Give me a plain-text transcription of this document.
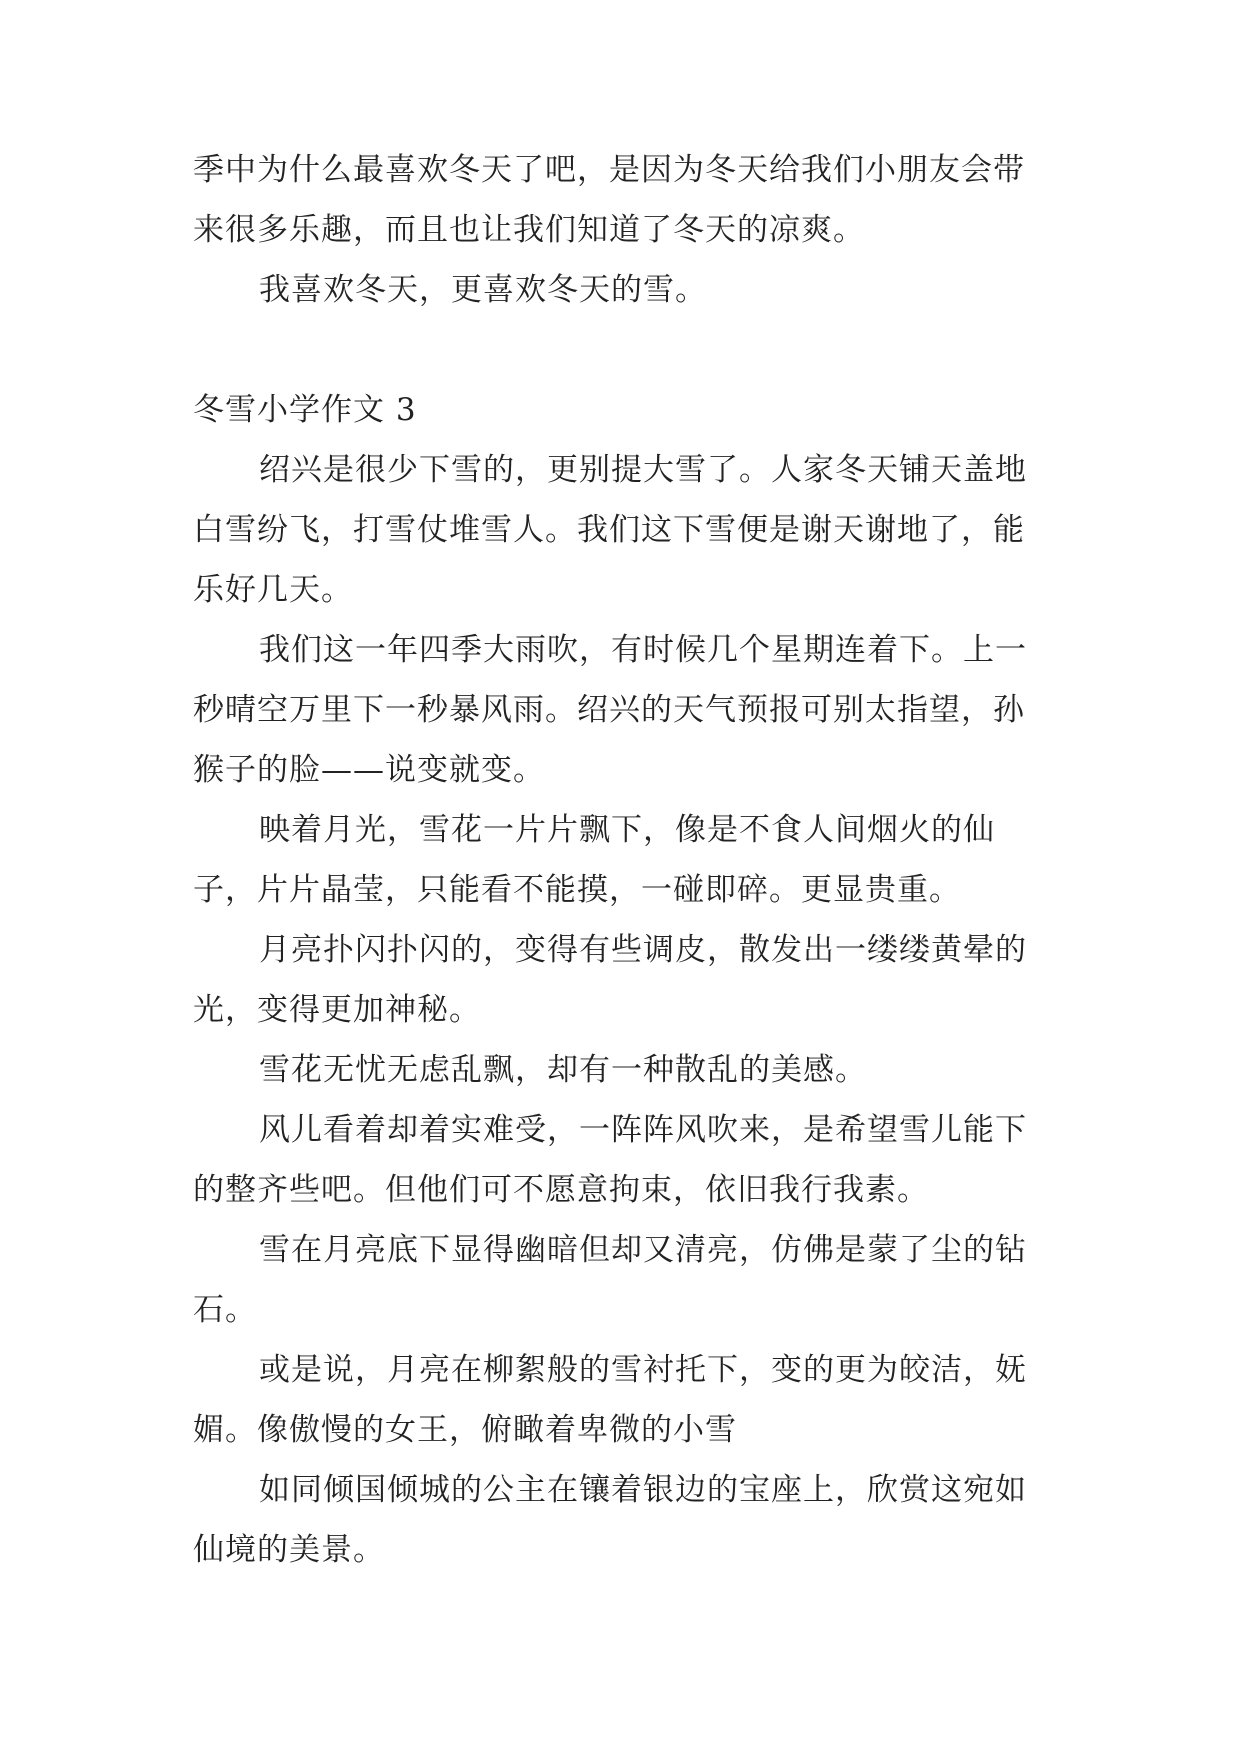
季中为什么最喜欢冬天了吧，是因为冬天给我们小朋友会带来很多乐趣，而且也让我们知道了冬天的凉爽。

我喜欢冬天，更喜欢冬天的雪。

冬雪小学作文 3

绍兴是很少下雪的，更别提大雪了。人家冬天铺天盖地白雪纷飞，打雪仗堆雪人。我们这下雪便是谢天谢地了，能乐好几天。

我们这一年四季大雨吹，有时候几个星期连着下。上一秒晴空万里下一秒暴风雨。绍兴的天气预报可别太指望，孙猴子的脸——说变就变。

映着月光，雪花一片片飘下，像是不食人间烟火的仙子，片片晶莹，只能看不能摸，一碰即碎。更显贵重。

月亮扑闪扑闪的，变得有些调皮，散发出一缕缕黄晕的光，变得更加神秘。

雪花无忧无虑乱飘，却有一种散乱的美感。

风儿看着却着实难受，一阵阵风吹来，是希望雪儿能下的整齐些吧。但他们可不愿意拘束，依旧我行我素。

雪在月亮底下显得幽暗但却又清亮，仿佛是蒙了尘的钻石。

或是说，月亮在柳絮般的雪衬托下，变的更为皎洁，妩媚。像傲慢的女王，俯瞰着卑微的小雪

如同倾国倾城的公主在镶着银边的宝座上，欣赏这宛如仙境的美景。
